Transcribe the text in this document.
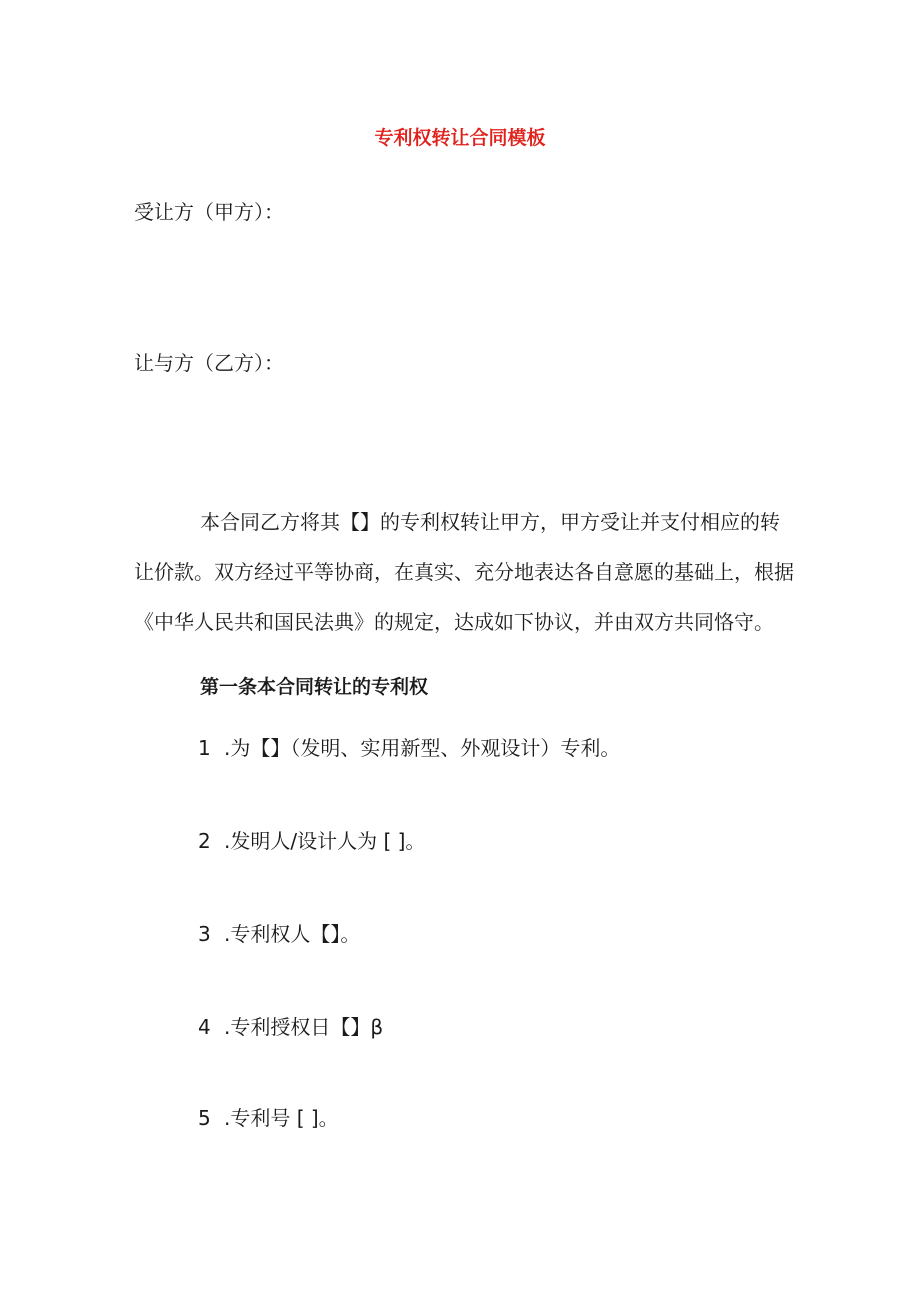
专利权转让合同模板
受让方（甲方）：
让与方（乙方）：

本合同乙方将其【】的专利权转让甲方，甲方受让并支付相应的转让价款。双方经过平等协商，在真实、充分地表达各自意愿的基础上，根据《中华人民共和国民法典》的规定，达成如下协议，并由双方共同恪守。

第一条本合同转让的专利权
1 .为【】（发明、实用新型、外观设计）专利。
2 .发明人/设计人为 [ ]。
3 .专利权人【】。
4 .专利授权日【】β
5 .专利号 [ ]。
